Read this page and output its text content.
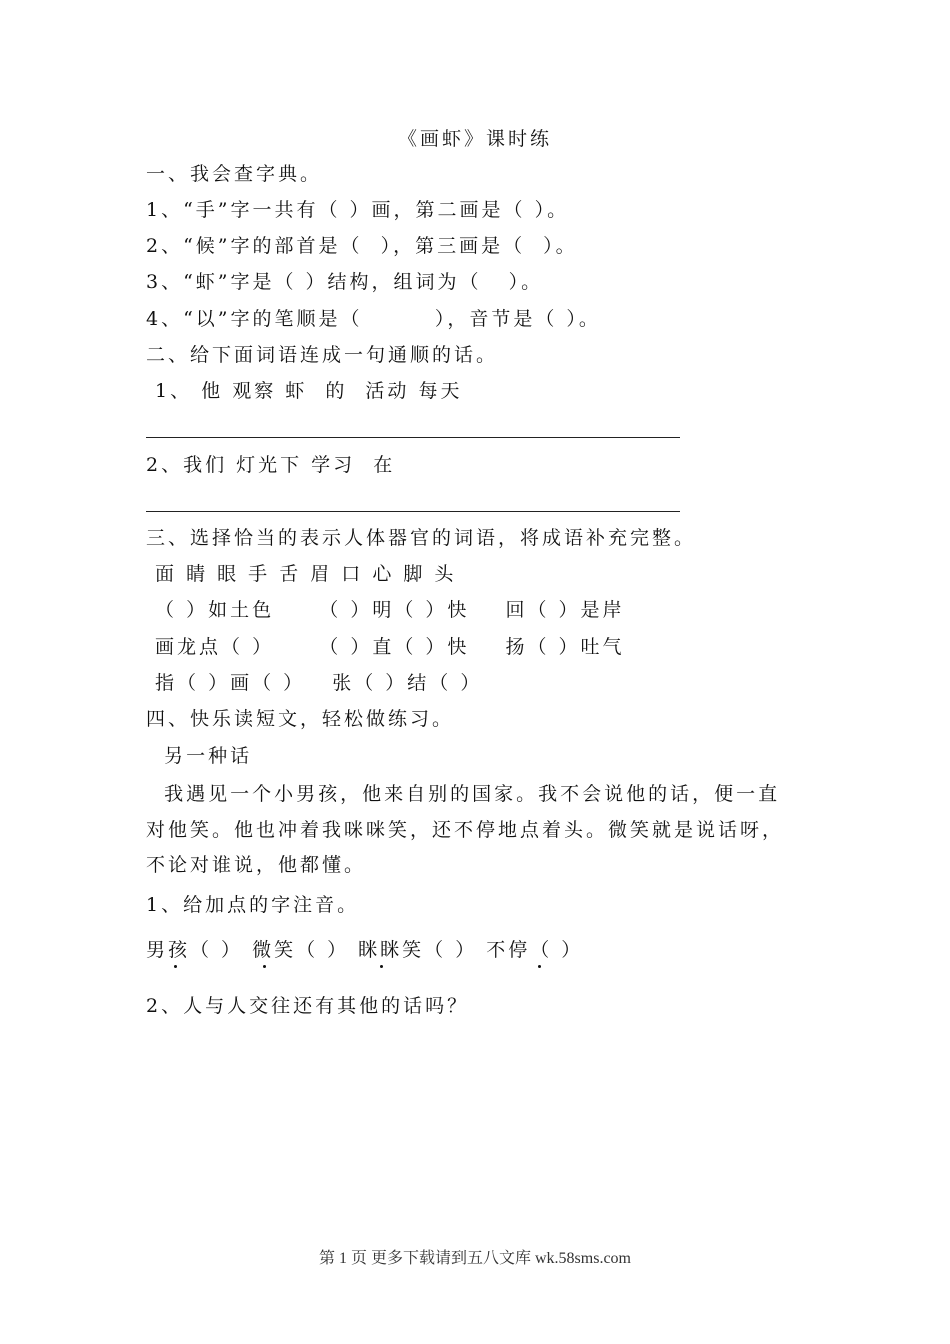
《画虾》课时练
一、我会查字典。
1、“手”字一共有（ ）画，第二画是（ ）。
2、“候”字的部首是（  ），第三画是（  ）。
3、“虾”字是（ ）结构，组词为（   ）。
4、“以”字的笔顺是（        ），音节是（ ）。
二、给下面词语连成一句通顺的话。
1、 他 观察 虾  的  活动 每天
2、我们 灯光下 学习  在
三、选择恰当的表示人体器官的词语，将成语补充完整。
面 睛 眼 手 舌 眉 口 心 脚 头
（ ）如土色     （ ）明（ ）快    回（ ）是岸
画龙点（ ）     （ ）直（ ）快    扬（ ）吐气
指（ ）画（ ）   张（ ）结（ ）
四、快乐读短文，轻松做练习。
另一种话
我遇见一个小男孩，他来自别的国家。我不会说他的话，便一直
对他笑。他也冲着我咪咪笑，还不停地点着头。微笑就是说话呀，
不论对谁说，他都懂。
1、给加点的字注音。
男孩（ ） 微笑（ ） 眯眯笑（ ） 不停（ ）
2、人与人交往还有其他的话吗？
第 1 页 更多下载请到五八文库 wk.58sms.com
